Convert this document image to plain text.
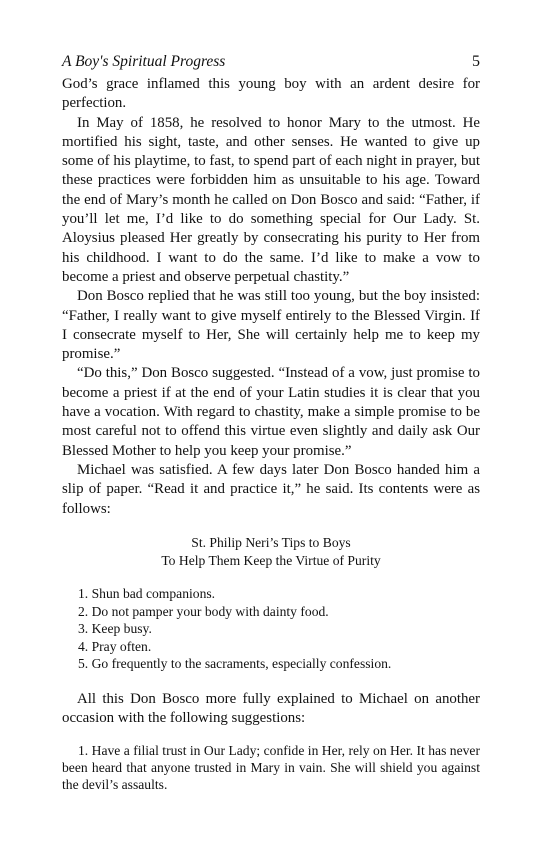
A Boy's Spiritual Progress	5

God’s grace inflamed this young boy with an ardent desire for perfection.

In May of 1858, he resolved to honor Mary to the utmost. He mortified his sight, taste, and other senses. He wanted to give up some of his playtime, to fast, to spend part of each night in prayer, but these practices were forbidden him as unsuitable to his age. Toward the end of Mary’s month he called on Don Bosco and said: “Father, if you’ll let me, I’d like to do something special for Our Lady. St. Aloysius pleased Her greatly by consecrating his purity to Her from his childhood. I want to do the same. I’d like to make a vow to become a priest and observe perpetual chastity.”

Don Bosco replied that he was still too young, but the boy insisted: “Father, I really want to give myself entirely to the Blessed Virgin. If I consecrate myself to Her, She will certainly help me to keep my promise.”

“Do this,” Don Bosco suggested. “Instead of a vow, just promise to become a priest if at the end of your Latin studies it is clear that you have a vocation. With regard to chastity, make a simple promise to be most careful not to offend this virtue even slightly and daily ask Our Blessed Mother to help you keep your promise.”

Michael was satisfied. A few days later Don Bosco handed him a slip of paper. “Read it and practice it,” he said. Its contents were as follows:

St. Philip Neri’s Tips to Boys
To Help Them Keep the Virtue of Purity
1. Shun bad companions.
2. Do not pamper your body with dainty food.
3. Keep busy.
4. Pray often.
5. Go frequently to the sacraments, especially confession.

All this Don Bosco more fully explained to Michael on another occasion with the following suggestions:

1. Have a filial trust in Our Lady; confide in Her, rely on Her. It has never been heard that anyone trusted in Mary in vain. She will shield you against the devil’s assaults.
